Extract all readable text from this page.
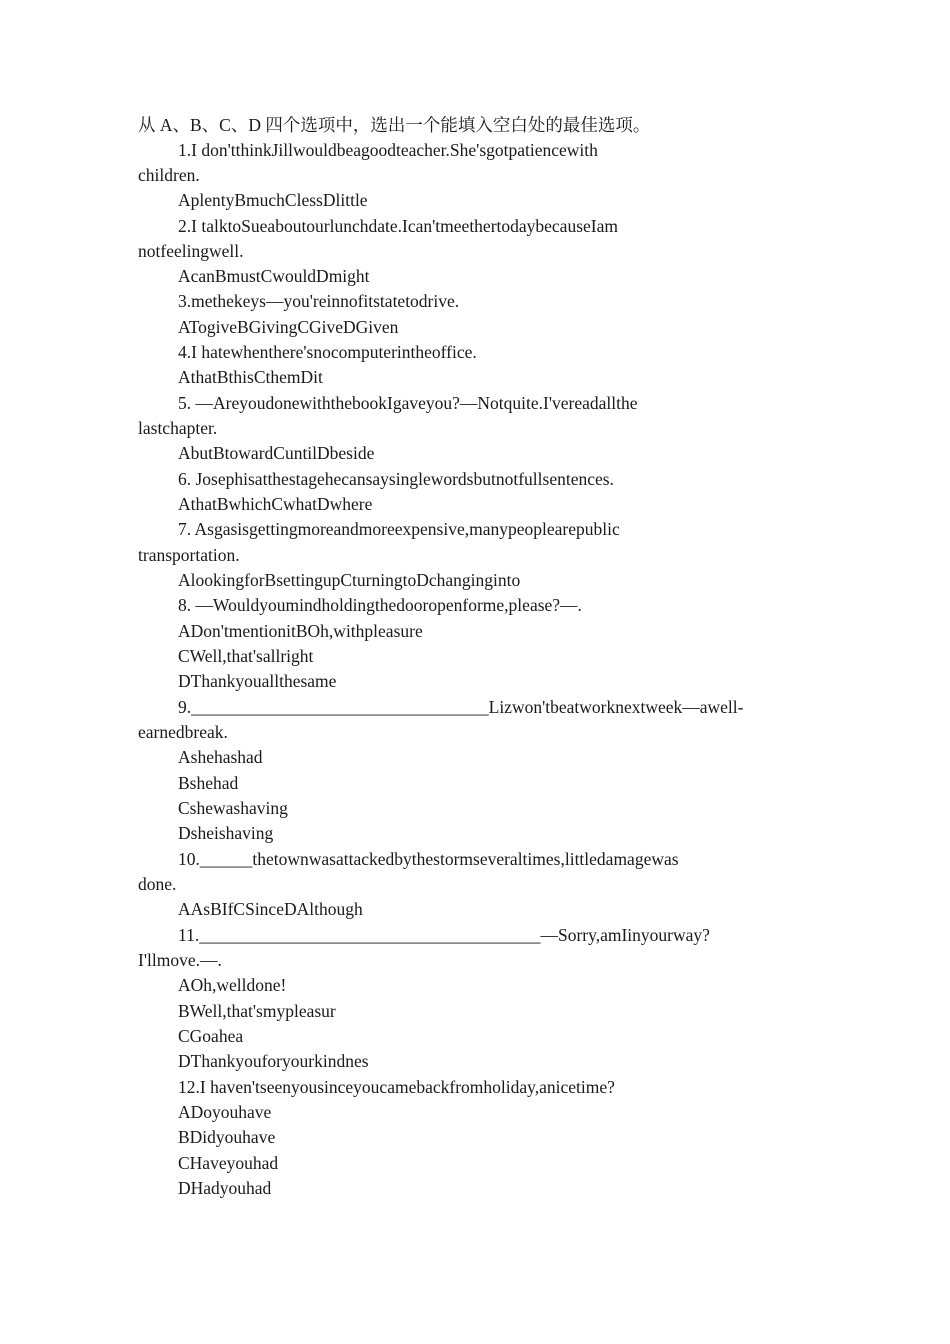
从 A、B、C、D 四个选项中，选出一个能填入空白处的最佳选项。
1.I don'tthinkJillwouldbeagoodteacher.She'sgotpatiencewith
children.
AplentyBmuchClessDlittle
2.I talktoSueaboutourlunchdate.Ican'tmeethertodaybecauseIam
notfeelingwell.
AcanBmustCwouldDmight
3.methekeys—you'reinnofitstatetodrive.
ATogiveBGivingCGiveDGiven
4.I hatewhenthere'snocomputerintheoffice.
AthatBthisCthemDit
5. —AreyoudonewiththebookIgaveyou?—Notquite.I'vereadallthe
lastchapter.
AbutBtowardCuntilDbeside
6. Josephisatthestagehecansaysinglewordsbutnotfullsentences.
AthatBwhichCwhatDwhere
7. Asgasisgettingmoreandmoreexpensive,manypeoplearepublic
transportation.
AlookingforBsettingupCturningtoDchanginginto
8. —Wouldyoumindholdingthedooropenforme,please?—.
ADon'tmentionitBOh,withpleasure
CWell,that'sallright
DThankyouallthesame
9.__________________________________Lizwon'tbeatworknextweek—awell-
earnedbreak.
Ashehashad
Bshehad
Cshewashaving
Dsheishaving
10.______thetownwasattackedbythestormseveraltimes,littledamagewas
done.
AAsBIfCSinceDAlthough
11._______________________________________—Sorry,amIinyourway?
I'llmove.—.
AOh,welldone!
BWell,that'smypleasur
CGoahea
DThankyouforyourkindnes
12.I haven'tseenyousinceyoucamebackfromholiday,anicetime?
ADoyouhave
BDidyouhave
CHaveyouhad
DHadyouhad
